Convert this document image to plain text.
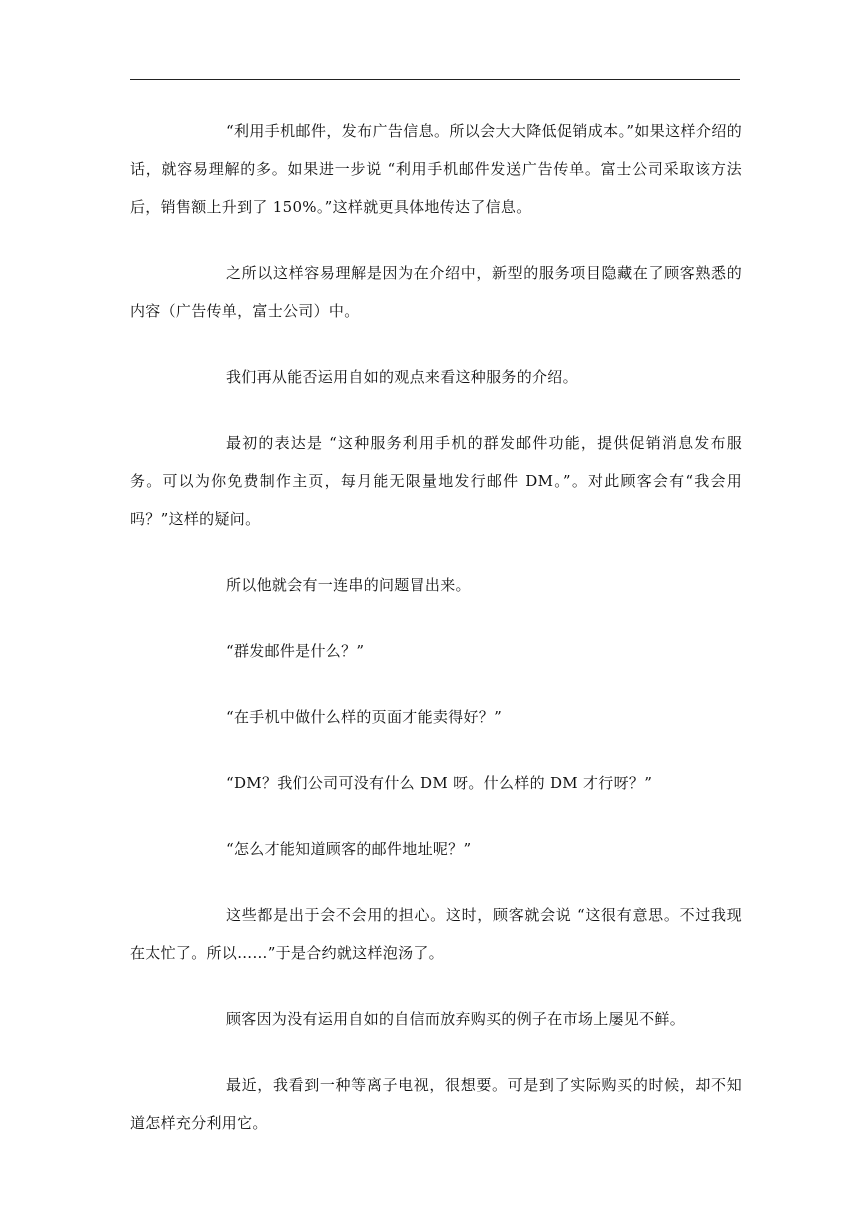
“利用手机邮件，发布广告信息。所以会大大降低促销成本。”如果这样介绍的话，就容易理解的多。如果进一步说 “利用手机邮件发送广告传单。富士公司采取该方法后，销售额上升到了 150%。”这样就更具体地传达了信息。

之所以这样容易理解是因为在介绍中，新型的服务项目隐藏在了顾客熟悉的内容（广告传单，富士公司）中。

我们再从能否运用自如的观点来看这种服务的介绍。

最初的表达是 “这种服务利用手机的群发邮件功能，提供促销消息发布服务。可以为你免费制作主页，每月能无限量地发行邮件 DM。”。对此顾客会有“我会用吗？”这样的疑问。

所以他就会有一连串的问题冒出来。

“群发邮件是什么？”

“在手机中做什么样的页面才能卖得好？”

“DM？我们公司可没有什么 DM 呀。什么样的 DM 才行呀？”

“怎么才能知道顾客的邮件地址呢？”

这些都是出于会不会用的担心。这时，顾客就会说 “这很有意思。不过我现在太忙了。所以……”于是合约就这样泡汤了。

顾客因为没有运用自如的自信而放弃购买的例子在市场上屡见不鲜。

最近，我看到一种等离子电视，很想要。可是到了实际购买的时候，却不知道怎样充分利用它。
